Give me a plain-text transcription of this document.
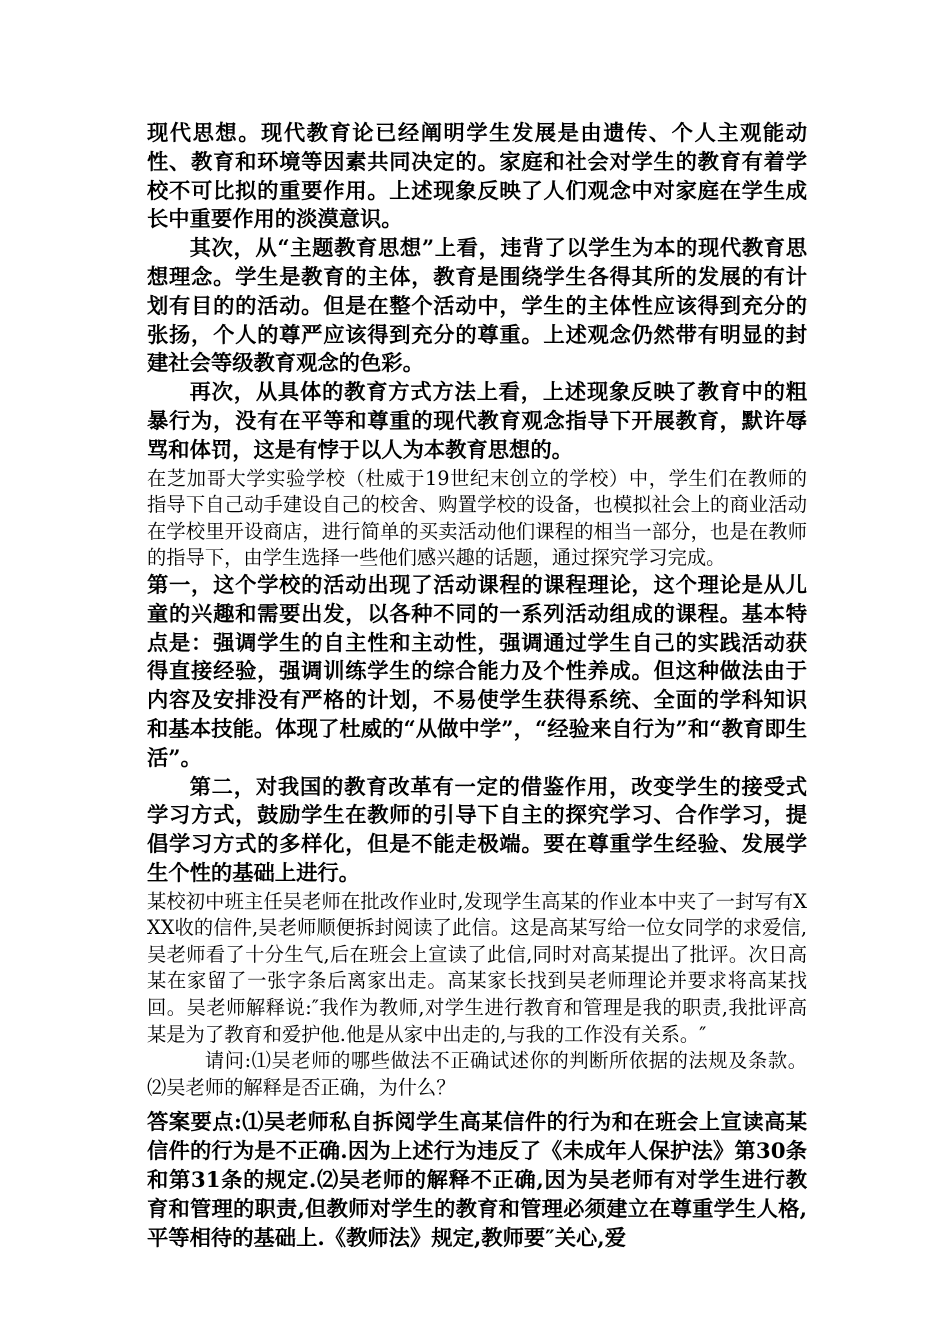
现代思想。现代教育论已经阐明学生发展是由遗传、个人主观能动性、教育和环境等因素共同决定的。家庭和社会对学生的教育有着学校不可比拟的重要作用。上述现象反映了人们观念中对家庭在学生成长中重要作用的淡漠意识。

其次，从“主题教育思想”上看，违背了以学生为本的现代教育思想理念。学生是教育的主体，教育是围绕学生各得其所的发展的有计划有目的的活动。但是在整个活动中，学生的主体性应该得到充分的张扬，个人的尊严应该得到充分的尊重。上述观念仍然带有明显的封建社会等级教育观念的色彩。

再次，从具体的教育方式方法上看，上述现象反映了教育中的粗暴行为，没有在平等和尊重的现代教育观念指导下开展教育，默许辱骂和体罚，这是有悖于以人为本教育思想的。

在芝加哥大学实验学校（杜威于19世纪末创立的学校）中，学生们在教师的指导下自己动手建设自己的校舍、购置学校的设备，也模拟社会上的商业活动在学校里开设商店，进行简单的买卖活动他们课程的相当一部分，也是在教师的指导下，由学生选择一些他们感兴趣的话题，通过探究学习完成。

第一，这个学校的活动出现了活动课程的课程理论，这个理论是从儿童的兴趣和需要出发，以各种不同的一系列活动组成的课程。基本特点是：强调学生的自主性和主动性，强调通过学生自己的实践活动获得直接经验，强调训练学生的综合能力及个性养成。但这种做法由于内容及安排没有严格的计划，不易使学生获得系统、全面的学科知识和基本技能。体现了杜威的“从做中学”，“经验来自行为”和“教育即生活”。

第二，对我国的教育改革有一定的借鉴作用，改变学生的接受式学习方式，鼓励学生在教师的引导下自主的探究学习、合作学习，提倡学习方式的多样化，但是不能走极端。要在尊重学生经验、发展学生个性的基础上进行。

某校初中班主任吴老师在批改作业时,发现学生高某的作业本中夹了一封写有XXX收的信件,吴老师顺便拆封阅读了此信。这是高某写给一位女同学的求爱信,吴老师看了十分生气,后在班会上宣读了此信,同时对高某提出了批评。次日高某在家留了一张字条后离家出走。高某家长找到吴老师理论并要求将高某找回。吴老师解释说:″我作为教师,对学生进行教育和管理是我的职责,我批评高某是为了教育和爱护他.他是从家中出走的,与我的工作没有关系。″

请问:⑴吴老师的哪些做法不正确试述你的判断所依据的法规及条款。⑵吴老师的解释是否正确，为什么？

答案要点:⑴吴老师私自拆阅学生高某信件的行为和在班会上宣读高某信件的行为是不正确.因为上述行为违反了《未成年人保护法》第30条和第31条的规定.⑵吴老师的解释不正确,因为吴老师有对学生进行教育和管理的职责,但教师对学生的教育和管理必须建立在尊重学生人格,平等相待的基础上.《教师法》规定,教师要″关心,爱
